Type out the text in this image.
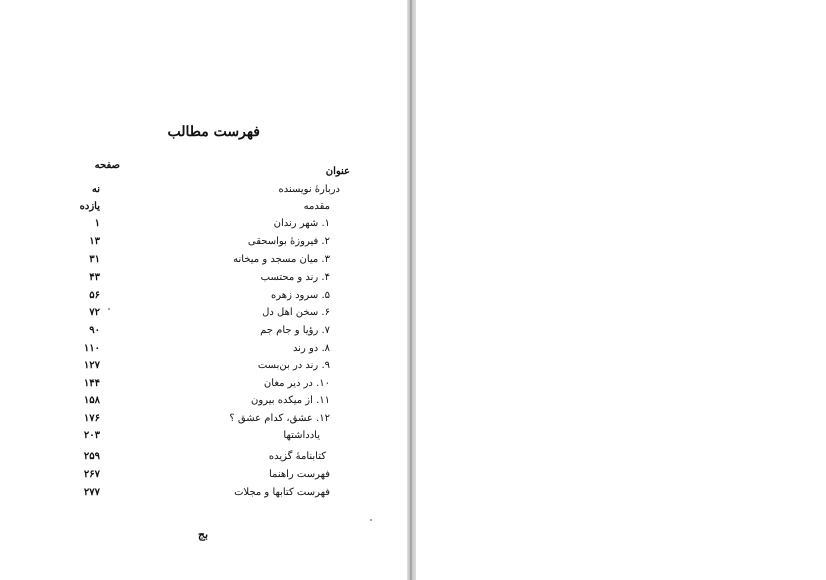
فهرست مطالب
صفحه
عنوان
نه	دربارهٔ نویسنده
یازده	مقدمه
۱	۱. شهر رندان
۱۳	۲. فیروزهٔ بواسحقی
۳۱	۳. میان مسجد و میخانه
۴۳	۴. رند و محتسب
۵۶	۵. سرود زهره
۷۲	۶. سخن اهل دل
۹۰	۷. رؤیا و جام جم
۱۱۰	۸. دو رند
۱۲۷	۹. رند در بن‌بست
۱۴۴	۱۰. در دیر مغان
۱۵۸	۱۱. از میکده بیرون
۱۷۶	۱۲. عشق، کدام عشق ؟
۲۰۳	یادداشتها
۲۵۹	کتابنامهٔ گزیده
۲۶۷	فهرست راهنما
۲۷۷	فهرست کتابها و مجلات
بج
